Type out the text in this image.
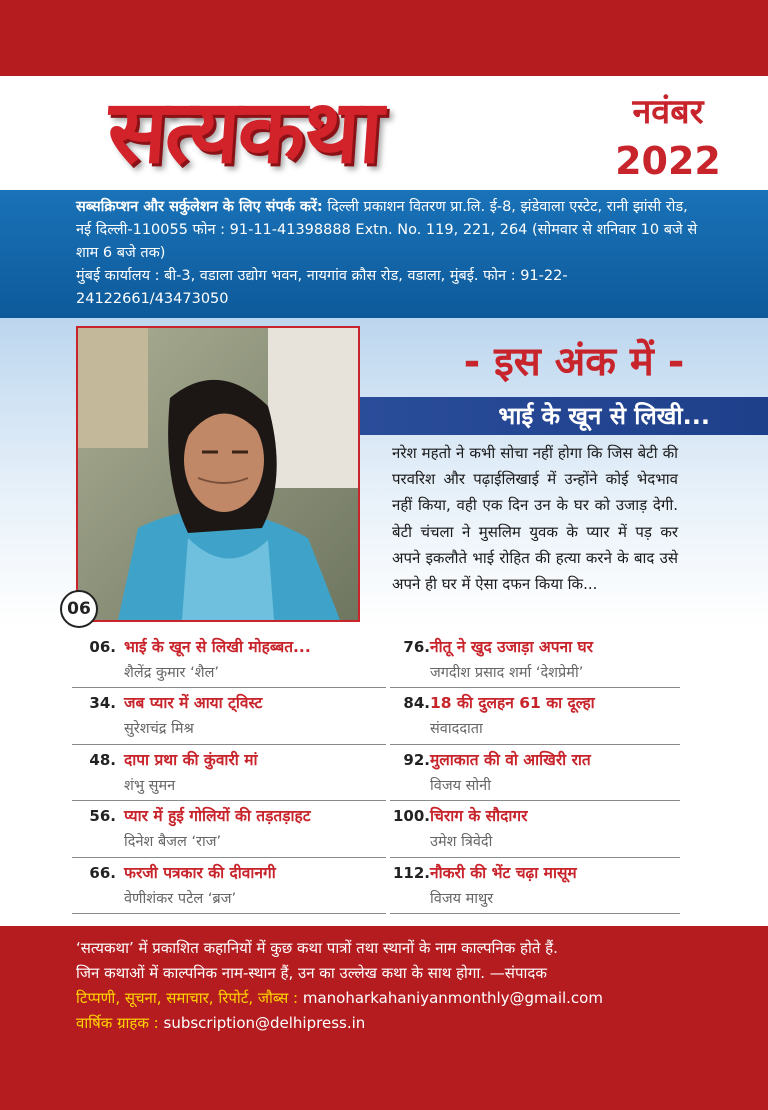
सत्यकथा	नवंबर
2022

सब्सक्रिप्शन और सर्कुलेशन के लिए संपर्क करें: दिल्ली प्रकाशन वितरण प्रा.लि. ई-8, झंडेवाला एस्टेट, रानी झांसी रोड, नई दिल्ली-110055 फोन : 91-11-41398888 Extn. No. 119, 221, 264 (सोमवार से शनिवार 10 बजे से शाम 6 बजे तक)

मुंबई कार्यालय : बी-3, वडाला उद्योग भवन, नायगांव क्रौस रोड, वडाला, मुंबई. फोन : 91-22-24122661/43473050

06
- इस अंक में -
भाई के खून से लिखी...
नरेश महतो ने कभी सोचा नहीं होगा कि जिस बेटी की परवरिश और पढ़ाईलिखाई में उन्होंने कोई भेदभाव नहीं किया, वही एक दिन उन के घर को उजाड़ देगी. बेटी चंचला ने मुसलिम युवक के प्यार में पड़ कर अपने इकलौते भाई रोहित की हत्या करने के बाद उसे अपने ही घर में ऐसा दफन किया कि...
06. भाई के खून से लिखी मोहब्बत...
शैलेंद्र कुमार ‘शैल’
34. जब प्यार में आया ट्विस्ट
सुरेशचंद्र मिश्र
48. दापा प्रथा की कुंवारी मां
शंभु सुमन
56. प्यार में हुई गोलियों की तड़तड़ाहट
दिनेश बैजल ‘राज’
66. फरजी पत्रकार की दीवानगी
वेणीशंकर पटेल ‘ब्रज’
76. नीतू ने खुद उजाड़ा अपना घर
जगदीश प्रसाद शर्मा ‘देशप्रेमी’
84. 18 की दुलहन 61 का दूल्हा
संवाददाता
92. मुलाकात की वो आखिरी रात
विजय सोनी
100. चिराग के सौदागर
उमेश त्रिवेदी
112. नौकरी की भेंट चढ़ा मासूम
विजय माथुर
‘सत्यकथा’ में प्रकाशित कहानियों में कुछ कथा पात्रों तथा स्थानों के नाम काल्पनिक होते हैं.
जिन कथाओं में काल्पनिक नाम-स्थान हैं, उन का उल्लेख कथा के साथ होगा. —संपादक
टिप्पणी, सूचना, समाचार, रिपोर्ट, जौब्स : manoharkahaniyanmonthly@gmail.com
वार्षिक ग्राहक : subscription@delhipress.in
